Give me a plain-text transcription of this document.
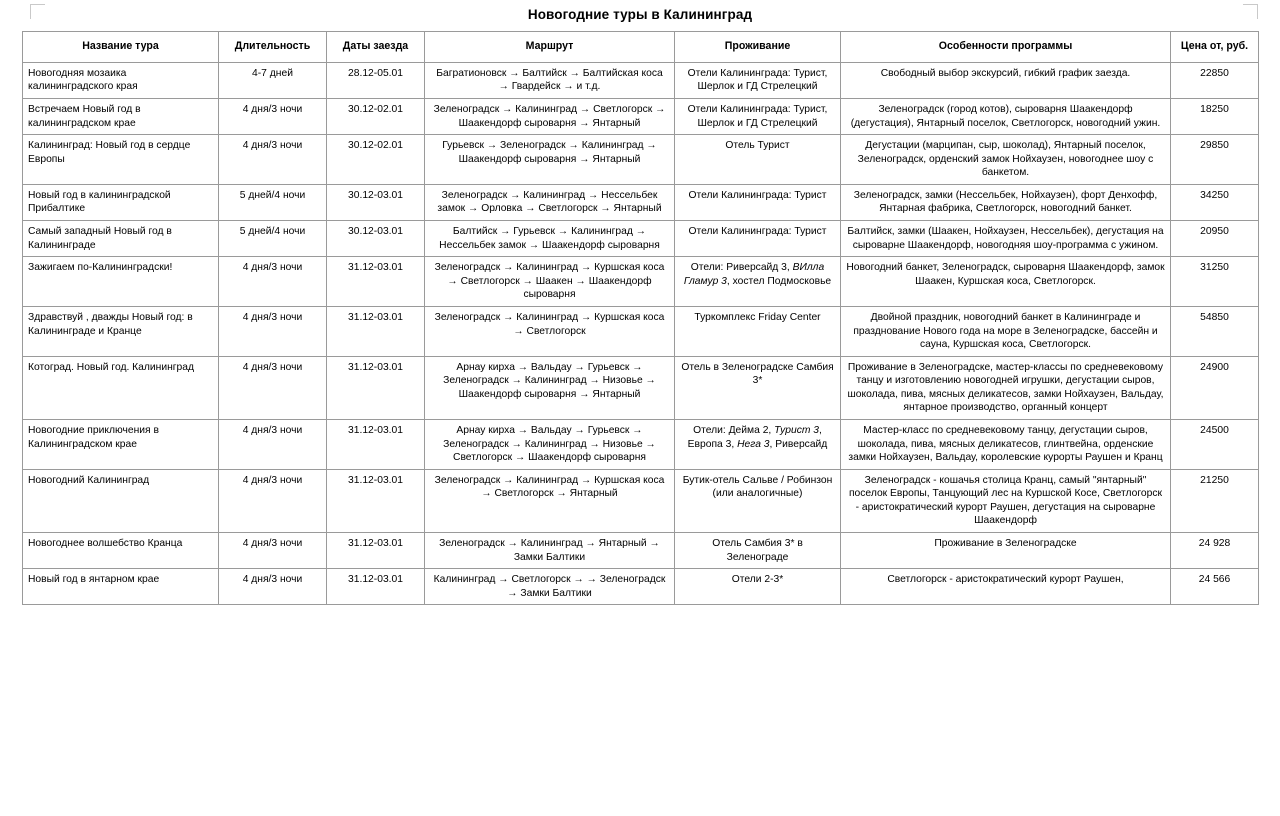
Новогодние туры в Калининград
Название тура	Длительность	Даты заезда	Маршрут	Проживание	Особенности программы	Цена от, руб.
Новогодняя мозаика калининградского края	4-7 дней	28.12-05.01	Багратионовск → Балтийск → Балтийская коса → Гвардейск → и т.д.	Отели Калининграда: Турист, Шерлок и ГД Стрелецкий	Свободный выбор экскурсий, гибкий график заезда.	22850
Встречаем Новый год в калининградском крае	4 дня/3 ночи	30.12-02.01	Зеленоградск → Калининград → Светлогорск → Шаакендорф сыроварня → Янтарный	Отели Калининграда: Турист, Шерлок и ГД Стрелецкий	Зеленоградск (город котов), сыроварня Шаакендорф (дегустация), Янтарный поселок, Светлогорск, новогодний ужин.	18250
Калининград: Новый год в сердце Европы	4 дня/3 ночи	30.12-02.01	Гурьевск → Зеленоградск → Калининград → Шаакендорф сыроварня → Янтарный	Отель Турист	Дегустации (марципан, сыр, шоколад), Янтарный поселок, Зеленоградск, орденский замок Нойхаузен, новогоднее шоу с банкетом.	29850
Новый год в калининградской Прибалтике	5 дней/4 ночи	30.12-03.01	Зеленоградск → Калининград → Нессельбек замок → Орловка → Светлогорск → Янтарный	Отели Калининграда: Турист	Зеленоградск, замки (Нессельбек, Нойхаузен), форт Денхофф, Янтарная фабрика, Светлогорск, новогодний банкет.	34250
Самый западный Новый год в Калининграде	5 дней/4 ночи	30.12-03.01	Балтийск → Гурьевск → Калининград → Нессельбек замок → Шаакендорф сыроварня	Отели Калининграда: Турист	Балтийск, замки (Шаакен, Нойхаузен, Нессельбек), дегустация на сыроварне Шаакендорф, новогодняя шоу-программа с ужином.	20950
Зажигаем по-Калининградски!	4 дня/3 ночи	31.12-03.01	Зеленоградск → Калининград → Куршская коса → Светлогорск → Шаакен → Шаакендорф сыроварня	Отели: Риверсайд 3, ВИлла Гламур 3, хостел Подмосковье	Новогодний банкет, Зеленоградск, сыроварня Шаакендорф, замок Шаакен, Куршская коса, Светлогорск.	31250
Здравствуй , дважды Новый год: в Калининграде и Кранце	4 дня/3 ночи	31.12-03.01	Зеленоградск → Калининград → Куршская коса → Светлогорск	Туркомплекс Friday Center	Двойной праздник, новогодний банкет в Калининграде и празднование Нового года на море в Зеленоградске, бассейн и сауна, Куршская коса, Светлогорск.	54850
Котоград. Новый год. Калининград	4 дня/3 ночи	31.12-03.01	Арнау кирха → Вальдау → Гурьевск → Зеленоградск → Калининград → Низовье → Шаакендорф сыроварня → Янтарный	Отель в Зеленоградске Самбия 3*	Проживание в Зеленоградске, мастер-классы по средневековому танцу и изготовлению новогодней игрушки, дегустации сыров, шоколада, пива, мясных деликатесов, замки Нойхаузен, Вальдау, янтарное производство, органный концерт	24900
Новогодние приключения в Калининградском крае	4 дня/3 ночи	31.12-03.01	Арнау кирха → Вальдау → Гурьевск → Зеленоградск → Калининград → Низовье → Светлогорск → Шаакендорф сыроварня	Отели: Дейма 2, Турист 3, Европа 3, Нега 3, Риверсайд	Мастер-класс по средневековому танцу, дегустации сыров, шоколада, пива, мясных деликатесов, глинтвейна, орденские замки Нойхаузен, Вальдау, королевские курорты Раушен и Кранц	24500
Новогодний Калининград	4 дня/3 ночи	31.12-03.01	Зеленоградск → Калининград → Куршская коса → Светлогорск → Янтарный	Бутик-отель Сальве / Робинзон (или аналогичные)	Зеленоградск - кошачья столица Кранц, самый "янтарный" поселок Европы, Танцующий лес на Куршской Косе, Светлогорск - аристократический курорт Раушен, дегустация на сыроварне Шаакендорф	21250
Новогоднее волшебство Кранца	4 дня/3 ночи	31.12-03.01	Зеленоградск → Калининград → Янтарный → Замки Балтики	Отель Самбия 3* в Зеленограде	Проживание в Зеленоградске	24 928
Новый год в янтарном крае	4 дня/3 ночи	31.12-03.01	Калининград → Светлогорск → → Зеленоградск → Замки Балтики	Отели 2-3*	Светлогорск - аристократический курорт Раушен,	24 566
